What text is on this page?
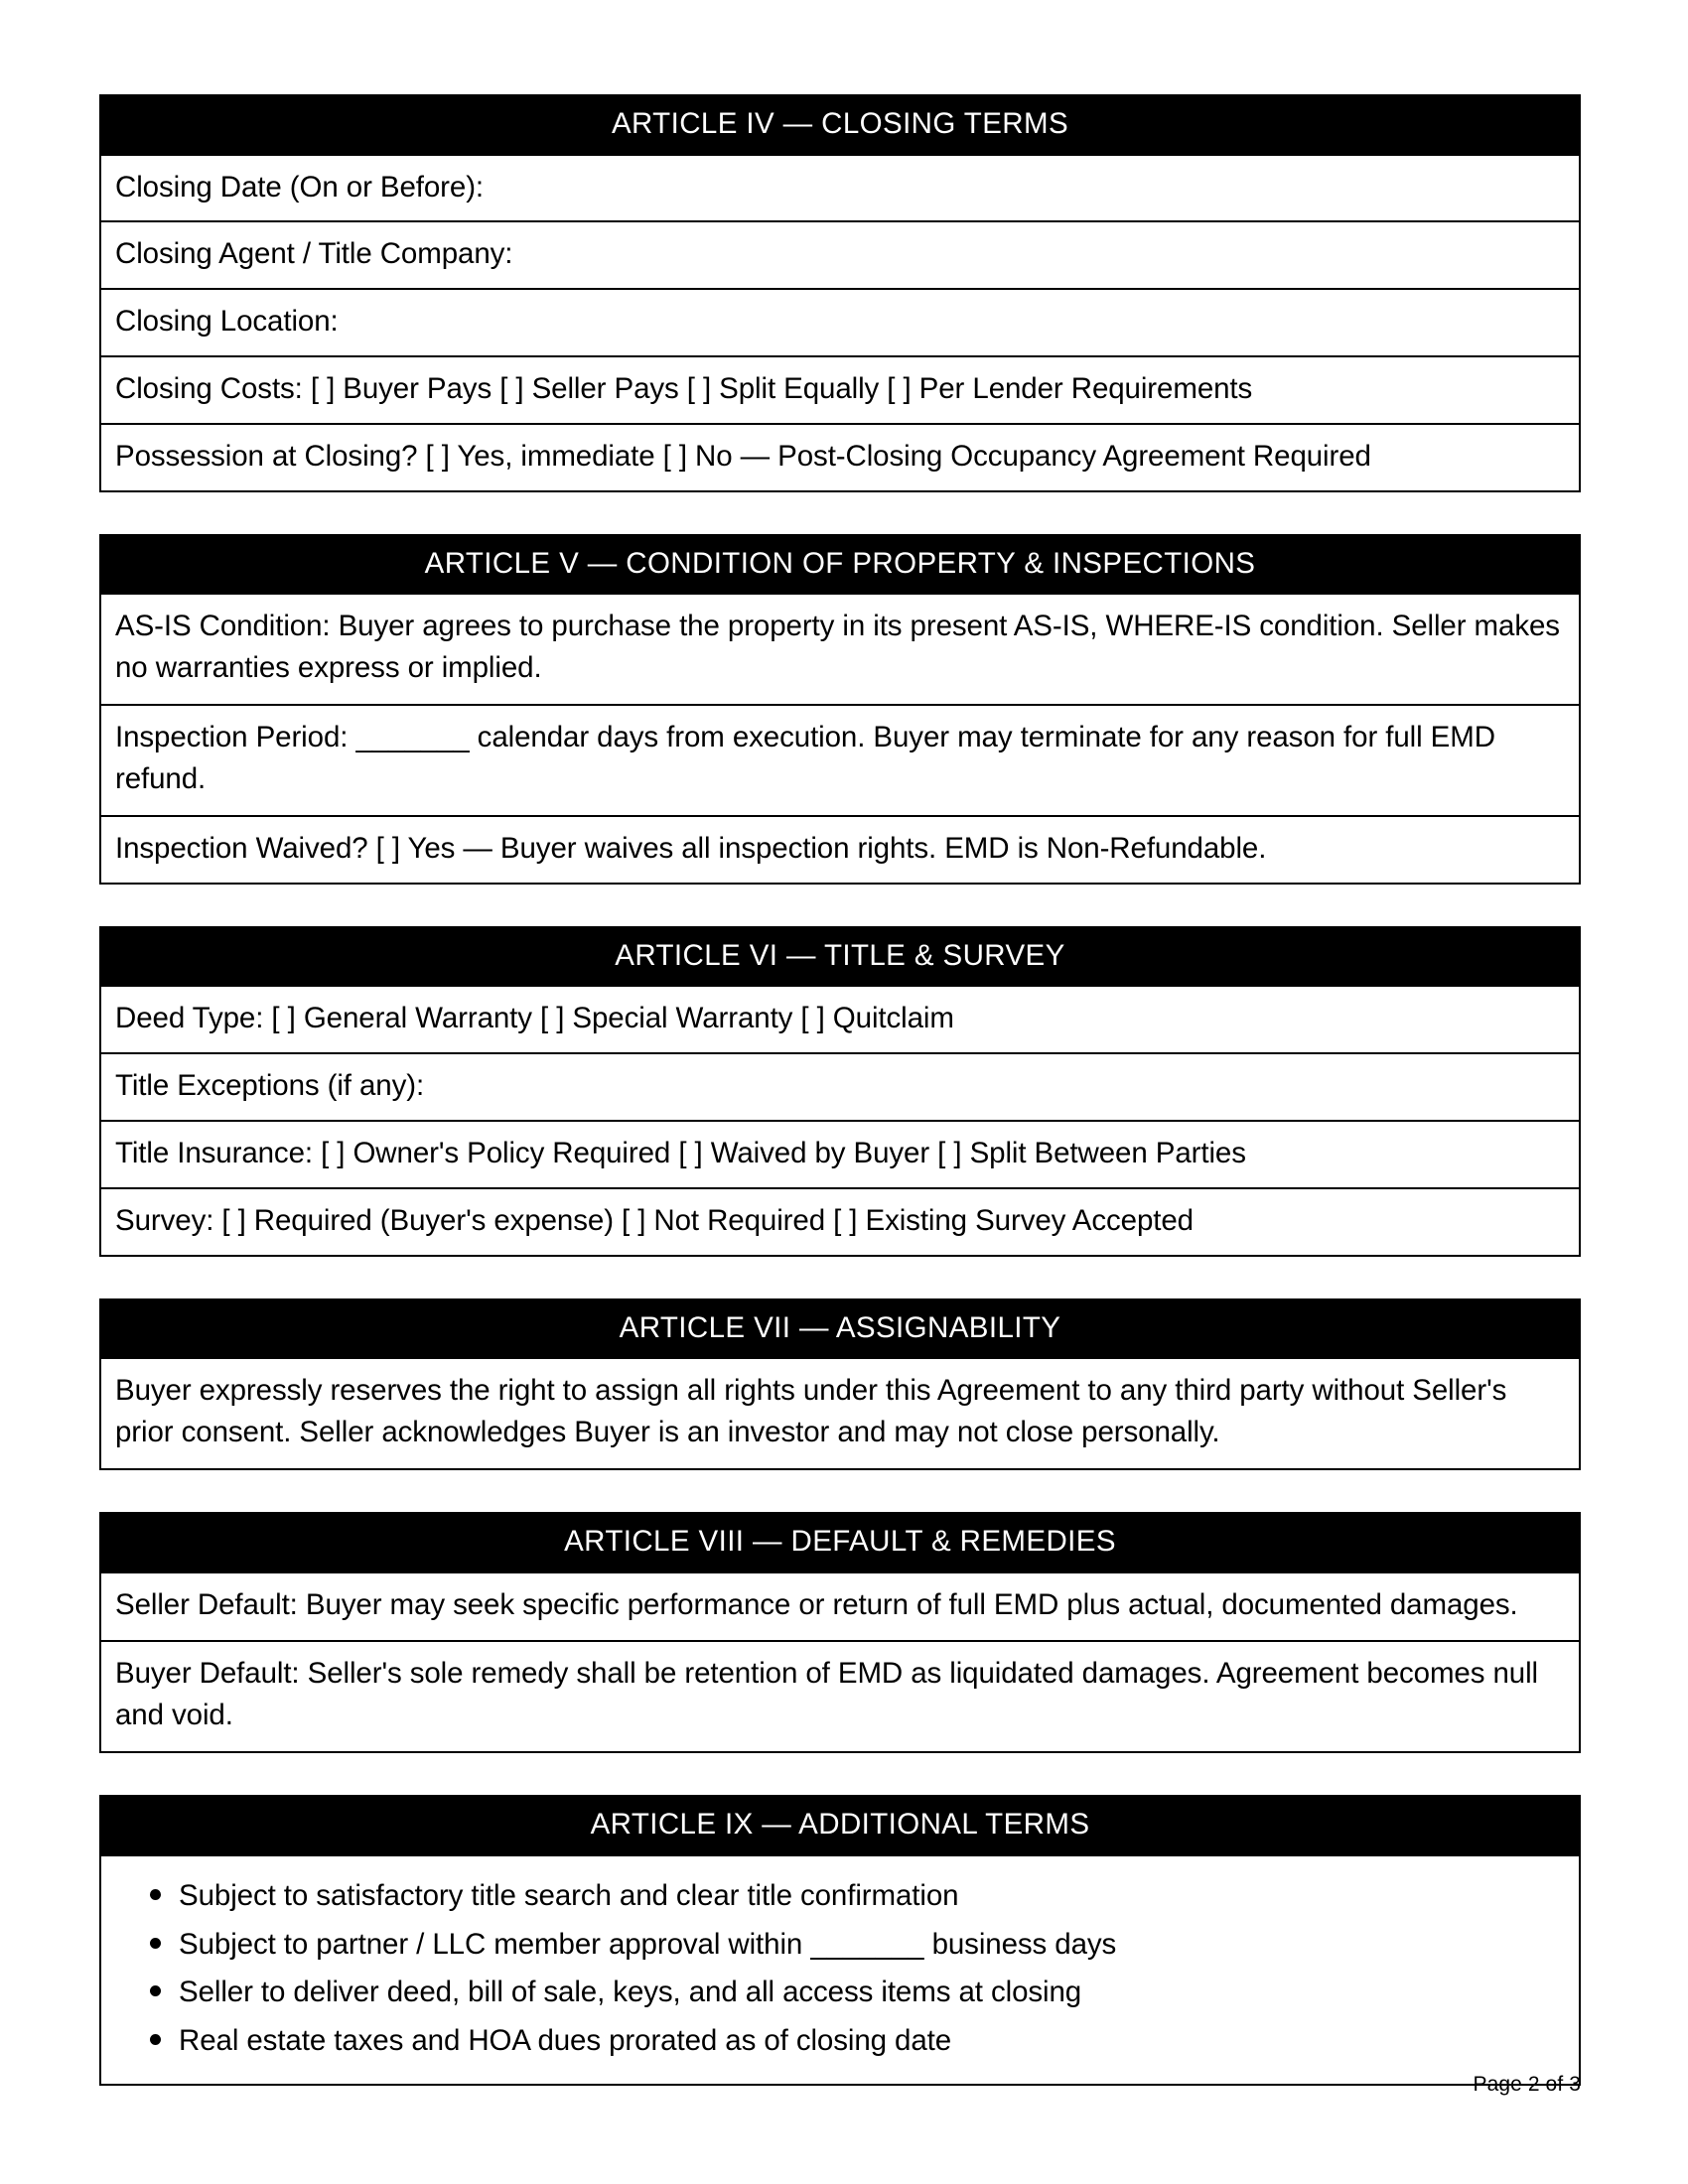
ARTICLE IV — CLOSING TERMS
Closing Date (On or Before):
Closing Agent / Title Company:
Closing Location:
Closing Costs: [ ] Buyer Pays [ ] Seller Pays [ ] Split Equally [ ] Per Lender Requirements
Possession at Closing? [ ] Yes, immediate [ ] No — Post-Closing Occupancy Agreement Required
ARTICLE V — CONDITION OF PROPERTY & INSPECTIONS
AS-IS Condition: Buyer agrees to purchase the property in its present AS-IS, WHERE-IS condition. Seller makes no warranties express or implied.
Inspection Period: _______ calendar days from execution. Buyer may terminate for any reason for full EMD refund.
Inspection Waived? [ ] Yes — Buyer waives all inspection rights. EMD is Non-Refundable.
ARTICLE VI — TITLE & SURVEY
Deed Type: [ ] General Warranty [ ] Special Warranty [ ] Quitclaim
Title Exceptions (if any):
Title Insurance: [ ] Owner's Policy Required [ ] Waived by Buyer [ ] Split Between Parties
Survey: [ ] Required (Buyer's expense) [ ] Not Required [ ] Existing Survey Accepted
ARTICLE VII — ASSIGNABILITY
Buyer expressly reserves the right to assign all rights under this Agreement to any third party without Seller's prior consent. Seller acknowledges Buyer is an investor and may not close personally.
ARTICLE VIII — DEFAULT & REMEDIES
Seller Default: Buyer may seek specific performance or return of full EMD plus actual, documented damages.
Buyer Default: Seller's sole remedy shall be retention of EMD as liquidated damages. Agreement becomes null and void.
ARTICLE IX — ADDITIONAL TERMS
Subject to satisfactory title search and clear title confirmation
Subject to partner / LLC member approval within _______ business days
Seller to deliver deed, bill of sale, keys, and all access items at closing
Real estate taxes and HOA dues prorated as of closing date
Page 2 of 3
